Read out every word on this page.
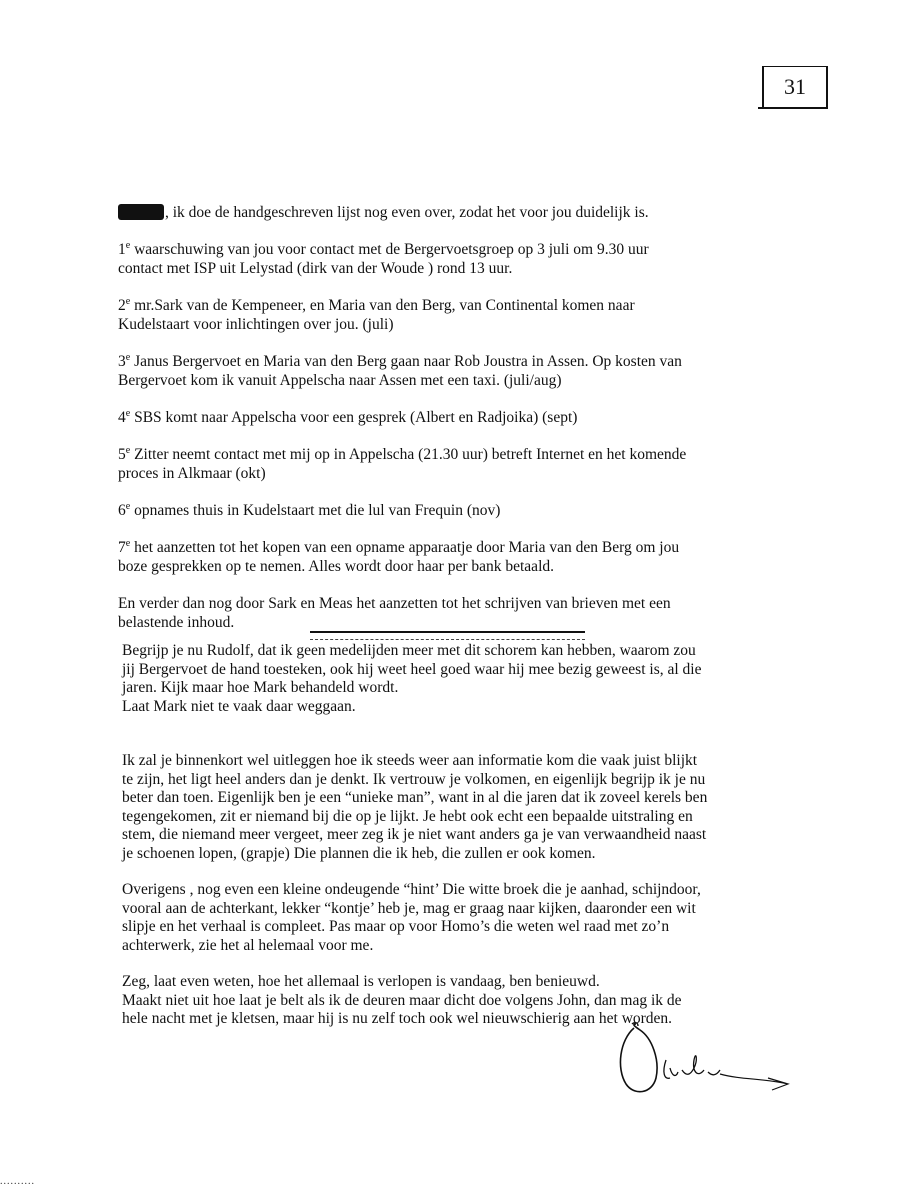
31

, ik doe de handgeschreven lijst nog even over, zodat het voor jou duidelijk is.

1e waarschuwing van jou voor contact met de Bergervoetsgroep op 3 juli om 9.30 uur
contact met ISP uit Lelystad (dirk van der Woude ) rond 13 uur.
2e mr.Sark van de Kempeneer, en Maria van den Berg, van Continental komen naar
Kudelstaart voor inlichtingen over jou. (juli)
3e Janus Bergervoet en Maria van den Berg gaan naar Rob Joustra in Assen. Op kosten van
Bergervoet kom ik vanuit Appelscha naar Assen met een taxi. (juli/aug)
4e SBS komt naar Appelscha voor een gesprek (Albert en Radjoika) (sept)
5e Zitter neemt contact met mij op in Appelscha (21.30 uur) betreft Internet en het komende
proces in Alkmaar (okt)
6e opnames thuis in Kudelstaart met die lul van Frequin (nov)
7e het aanzetten tot het kopen van een opname apparaatje door Maria van den Berg om jou
boze gesprekken op te nemen. Alles wordt door haar per bank betaald.
En verder dan nog door Sark en Meas het aanzetten tot het schrijven van brieven met een
belastende inhoud.

Begrijp je nu Rudolf, dat ik geen medelijden meer met dit schorem kan hebben, waarom zou
jij Bergervoet de hand toesteken, ook hij weet heel goed waar hij mee bezig geweest is, al die
jaren. Kijk maar hoe Mark behandeld wordt.
Laat Mark niet te vaak daar weggaan.

Ik zal je binnenkort wel uitleggen hoe ik steeds weer aan informatie kom die vaak juist blijkt
te zijn, het ligt heel anders dan je denkt. Ik vertrouw je volkomen, en eigenlijk begrijp ik je nu
beter dan toen. Eigenlijk ben je een “unieke man”, want in al die jaren dat ik zoveel kerels ben
tegengekomen, zit er niemand bij die op je lijkt. Je hebt ook echt een bepaalde uitstraling en
stem, die niemand meer vergeet, meer zeg ik je niet want anders ga je van verwaandheid naast
je schoenen lopen, (grapje) Die plannen die ik heb, die zullen er ook komen.

Overigens , nog even een kleine ondeugende “hint’ Die witte broek die je aanhad, schijndoor,
vooral aan de achterkant, lekker “kontje’ heb je, mag er graag naar kijken, daaronder een wit
slipje en het verhaal is compleet. Pas maar op voor Homo’s die weten wel raad met zo’n
achterwerk, zie het al helemaal voor me.

Zeg, laat even weten, hoe het allemaal is verlopen is vandaag, ben benieuwd.
Maakt niet uit hoe laat je belt als ik de deuren maar dicht doe volgens John, dan mag ik de
hele nacht met je kletsen, maar hij is nu zelf toch ook wel nieuwschierig aan het worden.

..........
